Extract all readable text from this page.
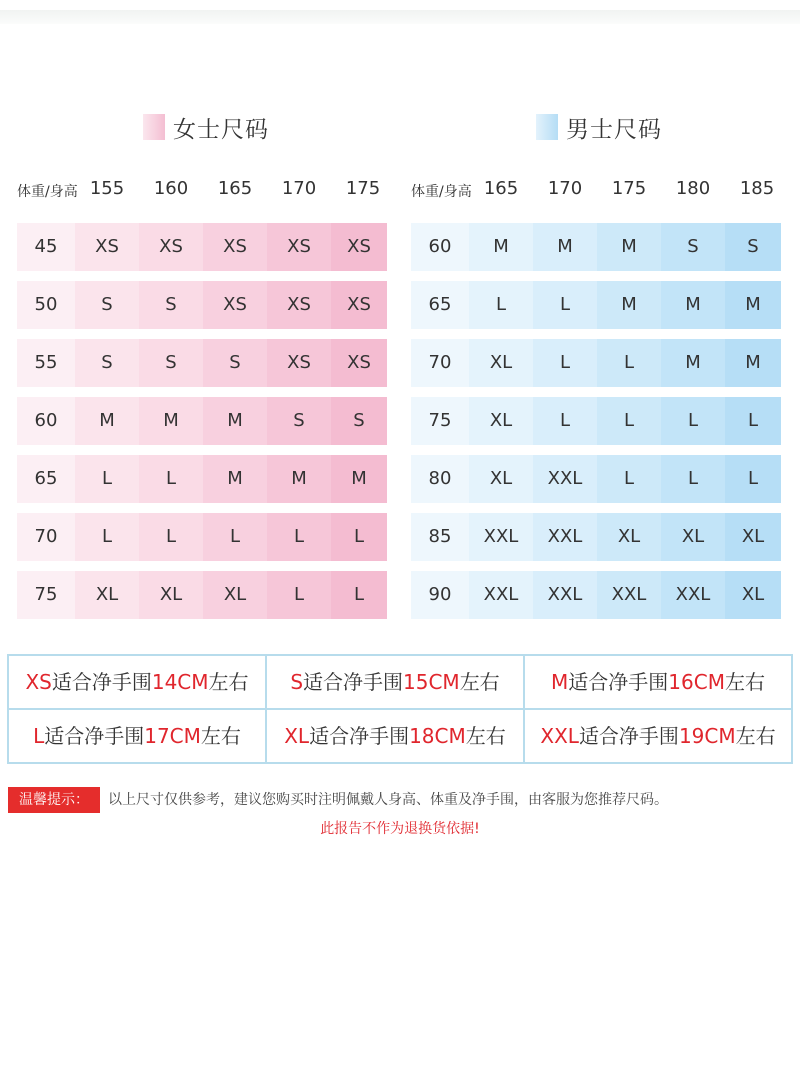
女士尺码	男士尺码
体重/身高 155	160	165	170	175	体重/身高 165	170	175	180	185
45	XS	XS	XS	XS	XS
50	S	S	XS	XS	XS
55	S	S	S	XS	XS
60	M	M	M	S	S
65	L	L	M	M	M
70	L	L	L	L	L
75	XL	XL	XL	L	L
60	M	M	M	S	S
65	L	L	M	M	M
70	XL	L	L	M	M
75	XL	L	L	L	L
80	XL	XXL	L	L	L
85	XXL	XXL	XL	XL	XL
90	XXL	XXL	XXL	XXL	XL
XS适合净手围14CM左右	S适合净手围15CM左右	M适合净手围16CM左右
L适合净手围17CM左右	XL适合净手围18CM左右	XXL适合净手围19CM左右
温馨提示：	以上尺寸仅供参考，建议您购买时注明佩戴人身高、体重及净手围，由客服为您推荐尺码。
此报告不作为退换货依据!
